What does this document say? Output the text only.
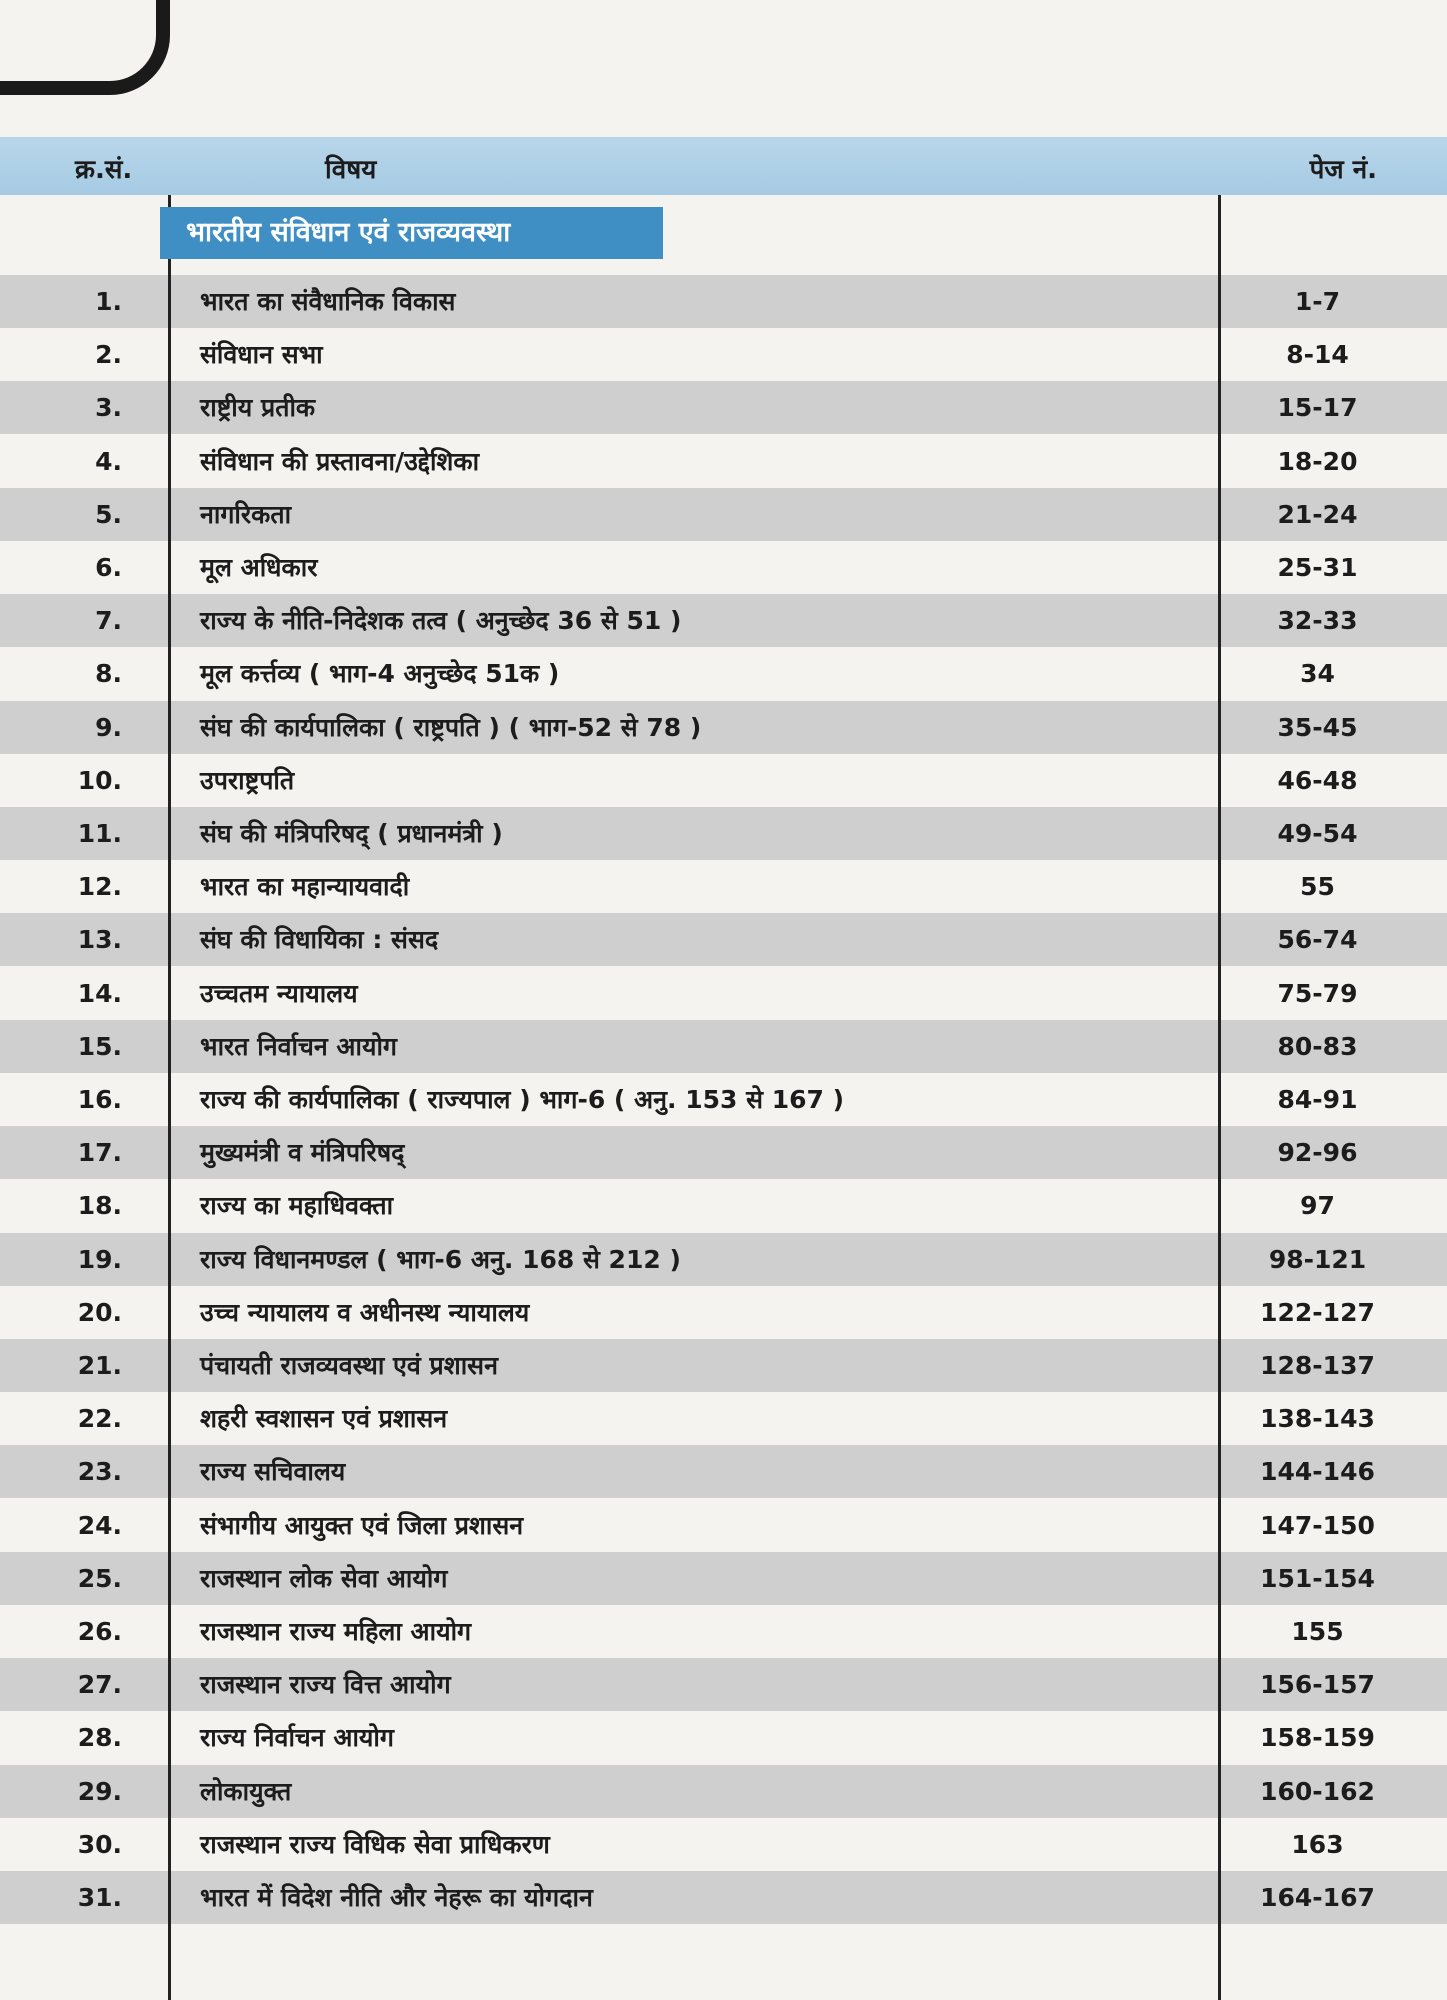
क्र.सं.	विषय	पेज नं.
1.	भारत का संवैधानिक विकास	1-7
2.	संविधान सभा	8-14
3.	राष्ट्रीय प्रतीक	15-17
4.	संविधान की प्रस्तावना/उद्देशिका	18-20
5.	नागरिकता	21-24
6.	मूल अधिकार	25-31
7.	राज्य के नीति-निदेशक तत्व ( अनुच्छेद 36 से 51 )	32-33
8.	मूल कर्त्तव्य ( भाग-4 अनुच्छेद 51क )	34
9.	संघ की कार्यपालिका ( राष्ट्रपति ) ( भाग-52 से 78 )	35-45
10.	उपराष्ट्रपति	46-48
11.	संघ की मंत्रिपरिषद् ( प्रधानमंत्री )	49-54
12.	भारत का महान्यायवादी	55
13.	संघ की विधायिका : संसद	56-74
14.	उच्चतम न्यायालय	75-79
15.	भारत निर्वाचन आयोग	80-83
16.	राज्य की कार्यपालिका ( राज्यपाल ) भाग-6 ( अनु. 153 से 167 )	84-91
17.	मुख्यमंत्री व मंत्रिपरिषद्	92-96
18.	राज्य का महाधिवक्ता	97
19.	राज्य विधानमण्डल ( भाग-6 अनु. 168 से 212 )	98-121
20.	उच्च न्यायालय व अधीनस्थ न्यायालय	122-127
21.	पंचायती राजव्यवस्था एवं प्रशासन	128-137
22.	शहरी स्वशासन एवं प्रशासन	138-143
23.	राज्य सचिवालय	144-146
24.	संभागीय आयुक्त एवं जिला प्रशासन	147-150
25.	राजस्थान लोक सेवा आयोग	151-154
26.	राजस्थान राज्य महिला आयोग	155
27.	राजस्थान राज्य वित्त आयोग	156-157
28.	राज्य निर्वाचन आयोग	158-159
29.	लोकायुक्त	160-162
30.	राजस्थान राज्य विधिक सेवा प्राधिकरण	163
31.	भारत में विदेश नीति और नेहरू का योगदान	164-167
भारतीय संविधान एवं राजव्यवस्था
